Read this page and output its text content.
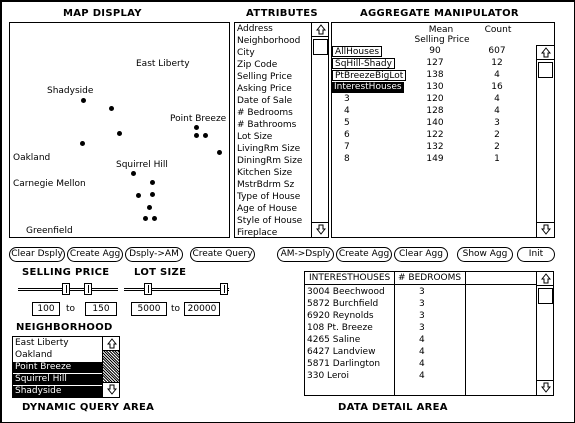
MAP DISPLAY	ATTRIBUTES	AGGREGATE MANIPULATOR
East Liberty
Shadyside
Point Breeze
Oakland
Squirrel Hill
Carnegie Mellon
Greenfield
Address
Neighborhood
City
Zip Code
Selling Price
Asking Price
Date of Sale
# Bedrooms
# Bathrooms
Lot Size
LivingRm Size
DiningRm Size
Kitchen Size
MstrBdrm Sz
Type of House
Age of House
Style of House
Fireplace
Mean
Selling Price
Count
AllHouses	90	607
SqHill-Shady	127	12
PtBreezeBigLot	138	4
InterestHouses	130	16
3	120	4
4	128	4
5	140	3
6	122	2
7	132	2
8	149	1
Clear Dsply Create Agg Dsply->AM	Create Query	AM->Dsply Create Agg	Clear Agg	Show Agg	Init
SELLING PRICE LOT SIZE
100	to	150	5000	to 20000
NEIGHBORHOOD
East Liberty
Oakland
Point Breeze
Squirrel Hill
Shadyside
DYNAMIC QUERY AREA
INTERESTHOUSES # BEDROOMS
3004 Beechwood	3
5872 Burchfield	3
6920 Reynolds	3
108 Pt. Breeze	3
4265 Saline	4
6427 Landview	4
5871 Darlington	4
330 Leroi	4
DATA DETAIL AREA
